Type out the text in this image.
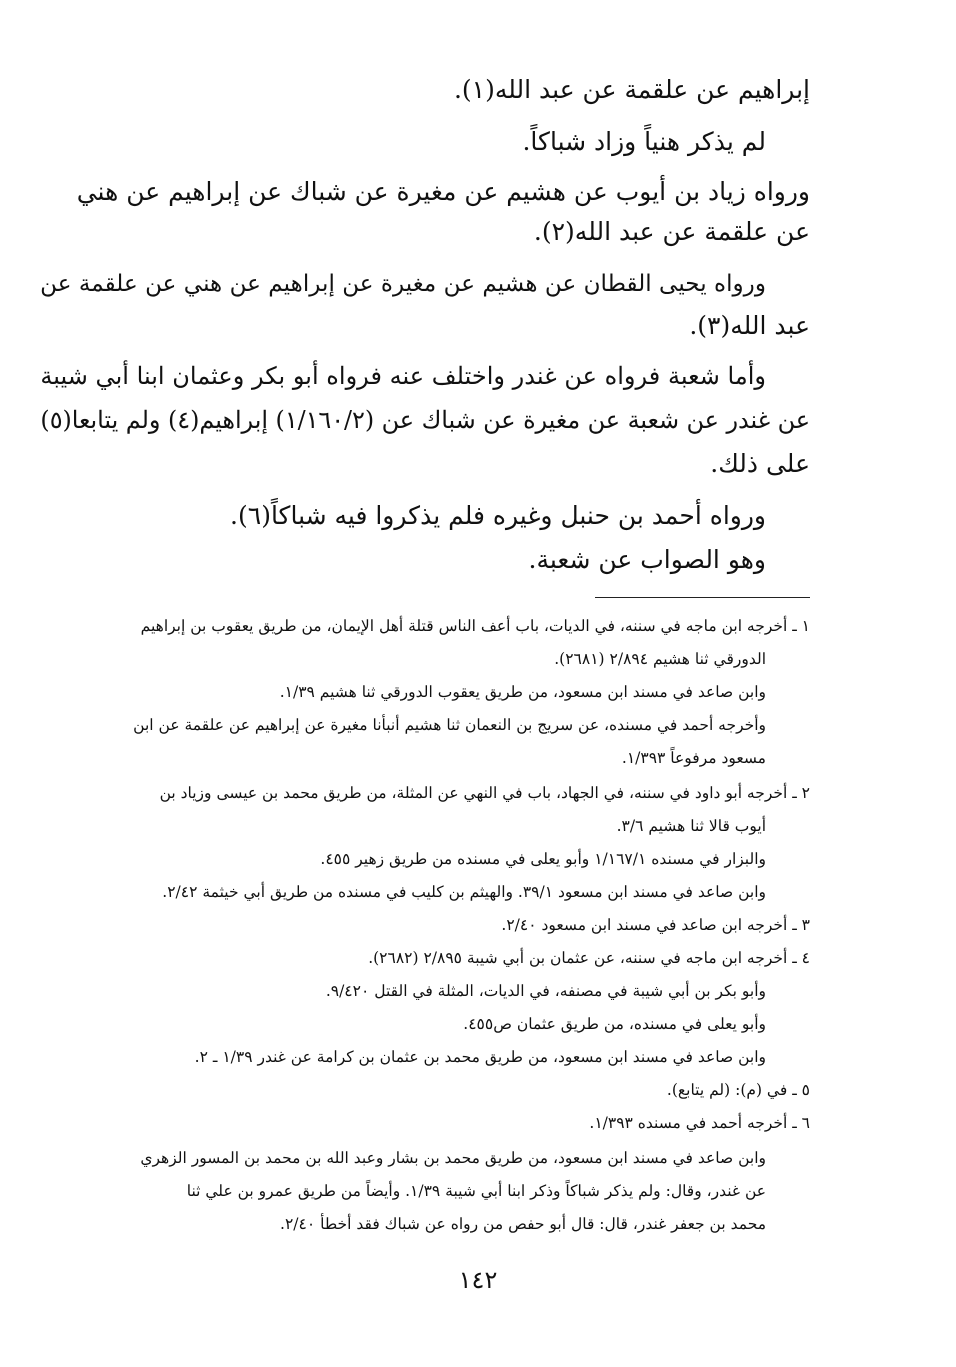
إبراهيم عن علقمة عن عبد الله(١).
لم يذكر هنياً وزاد شباكاً.
ورواه زياد بن أيوب عن هشيم عن مغيرة عن شباك عن إبراهيم عن هني
عن علقمة عن عبد الله(٢).
ورواه يحيى القطان عن هشيم عن مغيرة عن إبراهيم عن هني عن علقمة عن
عبد الله(٣).
وأما شعبة فرواه عن غندر واختلف عنه فرواه أبو بكر وعثمان ابنا أبي شيبة
عن غندر عن شعبة عن مغيرة عن شباك عن (١/١٦٠/٢) إبراهيم(٤) ولم يتابعا(٥)
على ذلك.
ورواه أحمد بن حنبل وغيره فلم يذكروا فيه شباكاً(٦).
وهو الصواب عن شعبة.
١ ـ أخرجه ابن ماجه في سننه، في الديات، باب أعف الناس قتلة أهل الإيمان، من طريق يعقوب بن إبراهيم
الدورقي ثنا هشيم ٢/٨٩٤ (٢٦٨١).
وابن صاعد في مسند ابن مسعود، من طريق يعقوب الدورقي ثنا هشيم ١/٣٩.
وأخرجه أحمد في مسنده، عن سريج بن النعمان ثنا هشيم أنبأنا مغيرة عن إبراهيم عن علقمة عن ابن
مسعود مرفوعاً ١/٣٩٣.
٢ ـ أخرجه أبو داود في سننه، في الجهاد، باب في النهي عن المثلة، من طريق محمد بن عيسى وزياد بن
أيوب قالا ثنا هشيم ٣/٦.
والبزار في مسنده ١/١٦٧/١ وأبو يعلى في مسنده من طريق زهير ٤٥٥.
وابن صاعد في مسند ابن مسعود ٣٩/١. والهيثم بن كليب في مسنده من طريق أبي خيثمة ٢/٤٢.
٣ ـ أخرجه ابن صاعد في مسند ابن مسعود ٢/٤٠.
٤ ـ أخرجه ابن ماجه في سننه، عن عثمان بن أبي شيبة ٢/٨٩٥ (٢٦٨٢).
وأبو بكر بن أبي شيبة في مصنفه، في الديات، المثلة في القتل ٩/٤٢٠.
وأبو يعلى في مسنده، من طريق عثمان ص٤٥٥.
وابن صاعد في مسند ابن مسعود، من طريق محمد بن عثمان بن كرامة عن غندر ١/٣٩ ـ ٢.
٥ ـ في (م): (لم يتابع).
٦ ـ أخرجه أحمد في مسنده ١/٣٩٣.
وابن صاعد في مسند ابن مسعود، من طريق محمد بن بشار وعبد الله بن محمد بن المسور الزهري
عن غندر، وقال: ولم يذكر شباكاً وذكر ابنا أبي شيبة ١/٣٩. وأيضاً من طريق عمرو بن علي ثنا
محمد بن جعفر غندر، قال: قال أبو حفص من رواه عن شباك فقد أخطأ ٢/٤٠.
١٤٢
